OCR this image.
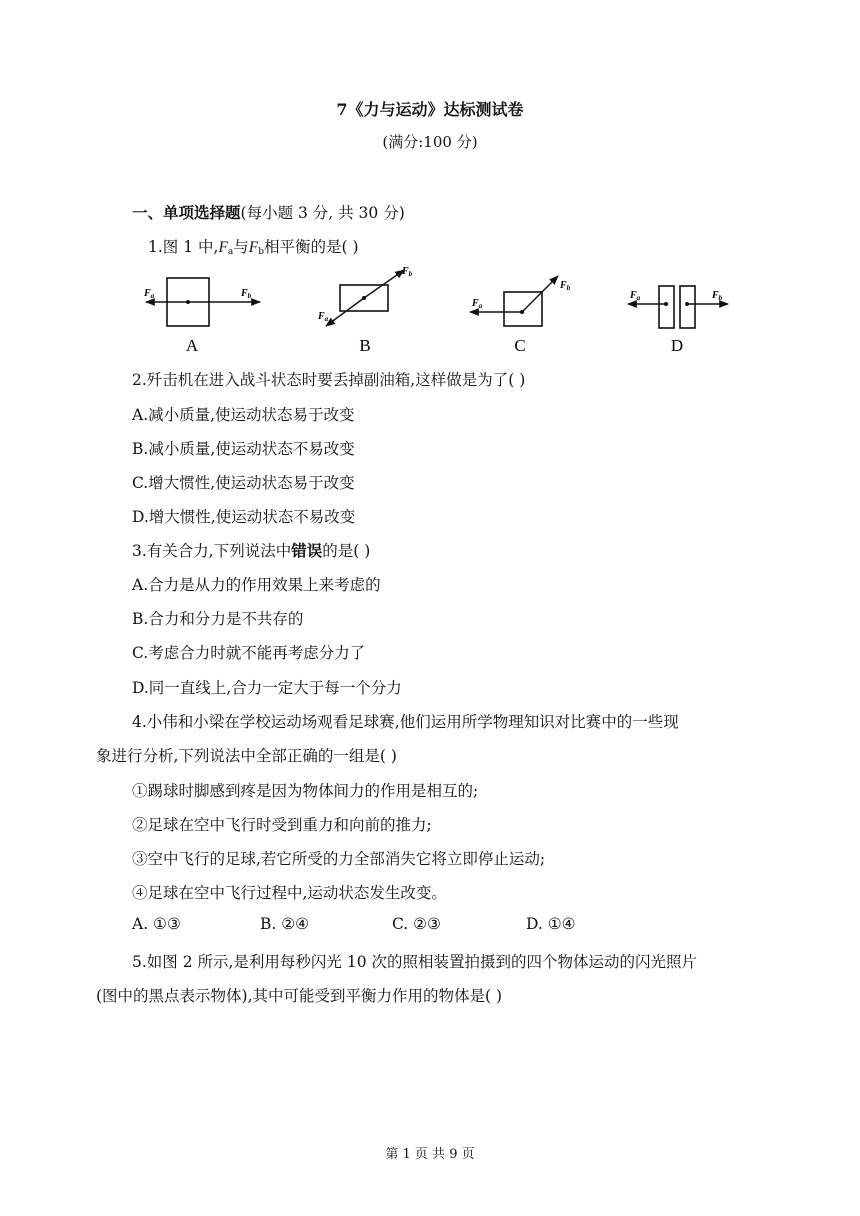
7《力与运动》达标测试卷
(满分:100 分)
一、单项选择题(每小题 3 分, 共 30 分)
1.图 1 中$,F_a$与$F_b$相平衡的是( )
$F_a$	$F_b$
A
$F_a$
$F_b$
B
$F_a$
$F_b$
C
$F_a$	$F_b$
D
2.歼击机在进入战斗状态时要丢掉副油箱,这样做是为了( )
A.减小质量,使运动状态易于改变
B.减小质量,使运动状态不易改变
C.增大惯性,使运动状态易于改变
D.增大惯性,使运动状态不易改变
3.有关合力,下列说法中错误的是( )
A.合力是从力的作用效果上来考虑的
B.合力和分力是不共存的
C.考虑合力时就不能再考虑分力了
D.同一直线上,合力一定大于每一个分力
4.小伟和小梁在学校运动场观看足球赛,他们运用所学物理知识对比赛中的一些现
象进行分析,下列说法中全部正确的一组是( )
①踢球时脚感到疼是因为物体间力的作用是相互的;
②足球在空中飞行时受到重力和向前的推力;
③空中飞行的足球,若它所受的力全部消失它将立即停止运动;
④足球在空中飞行过程中,运动状态发生改变。
A. ①③	B. ②④	C. ②③	D. ①④
5.如图 2 所示,是利用每秒闪光 10 次的照相装置拍摄到的四个物体运动的闪光照片
(图中的黑点表示物体),其中可能受到平衡力作用的物体是( )
第 1 页 共 9 页
